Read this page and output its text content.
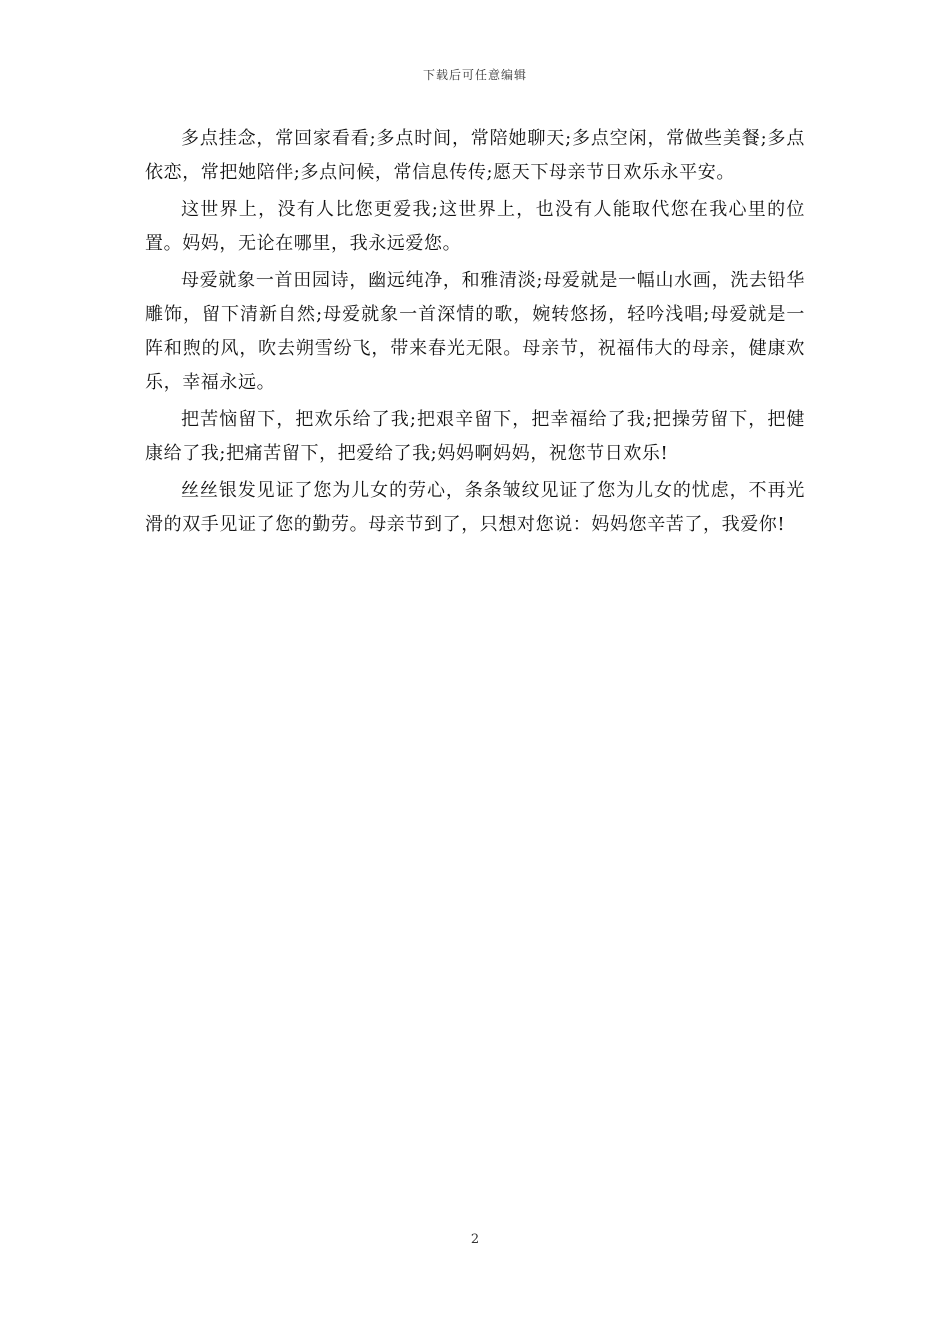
下载后可任意编辑

多点挂念，常回家看看;多点时间，常陪她聊天;多点空闲，常做些美餐;多点依恋，常把她陪伴;多点问候，常信息传传;愿天下母亲节日欢乐永平安。

这世界上，没有人比您更爱我;这世界上，也没有人能取代您在我心里的位置。妈妈，无论在哪里，我永远爱您。

母爱就象一首田园诗，幽远纯净，和雅清淡;母爱就是一幅山水画，洗去铅华雕饰，留下清新自然;母爱就象一首深情的歌，婉转悠扬，轻吟浅唱;母爱就是一阵和煦的风，吹去朔雪纷飞，带来春光无限。母亲节，祝福伟大的母亲，健康欢乐，幸福永远。

把苦恼留下，把欢乐给了我;把艰辛留下，把幸福给了我;把操劳留下，把健康给了我;把痛苦留下，把爱给了我;妈妈啊妈妈，祝您节日欢乐!

丝丝银发见证了您为儿女的劳心，条条皱纹见证了您为儿女的忧虑，不再光滑的双手见证了您的勤劳。母亲节到了，只想对您说：妈妈您辛苦了，我爱你!

2
